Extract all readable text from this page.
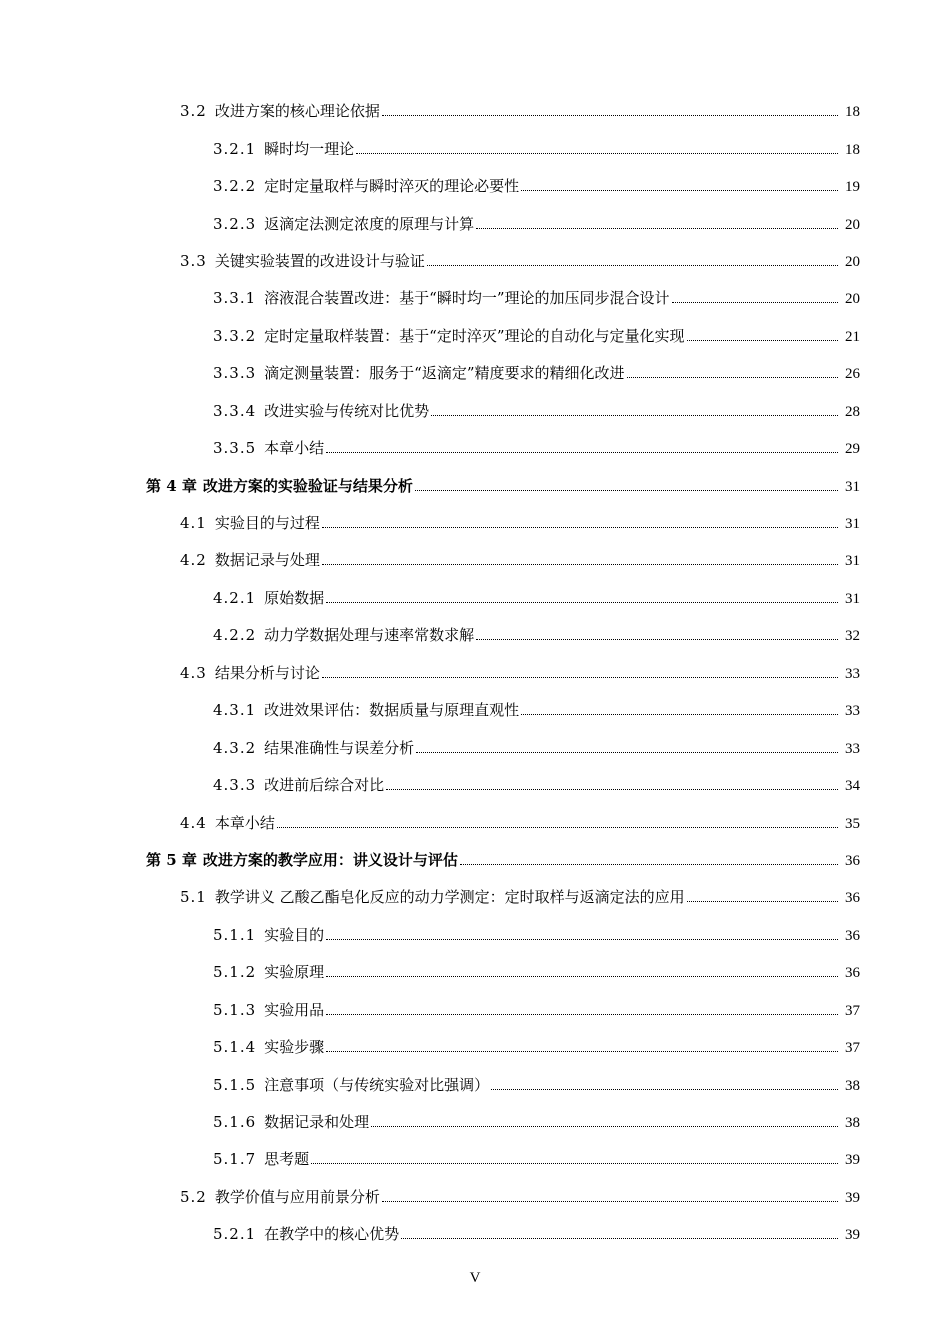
3.2 改进方案的核心理论依据	18
3.2.1 瞬时均一理论	18
3.2.2 定时定量取样与瞬时淬灭的理论必要性	19
3.2.3 返滴定法测定浓度的原理与计算	20
3.3 关键实验装置的改进设计与验证	20
3.3.1 溶液混合装置改进：基于“瞬时均一”理论的加压同步混合设计	20
3.3.2 定时定量取样装置：基于“定时淬灭”理论的自动化与定量化实现	21
3.3.3 滴定测量装置：服务于“返滴定”精度要求的精细化改进	26
3.3.4 改进实验与传统对比优势	28
3.3.5 本章小结	29
第 4 章 改进方案的实验验证与结果分析	31
4.1 实验目的与过程	31
4.2 数据记录与处理	31
4.2.1 原始数据	31
4.2.2 动力学数据处理与速率常数求解	32
4.3 结果分析与讨论	33
4.3.1 改进效果评估：数据质量与原理直观性	33
4.3.2 结果准确性与误差分析	33
4.3.3 改进前后综合对比	34
4.4 本章小结	35
第 5 章 改进方案的教学应用：讲义设计与评估	36
5.1 教学讲义 乙酸乙酯皂化反应的动力学测定：定时取样与返滴定法的应用	36
5.1.1 实验目的	36
5.1.2 实验原理	36
5.1.3 实验用品	37
5.1.4 实验步骤	37
5.1.5 注意事项（与传统实验对比强调）	38
5.1.6 数据记录和处理	38
5.1.7 思考题	39
5.2 教学价值与应用前景分析	39
5.2.1 在教学中的核心优势	39
V
